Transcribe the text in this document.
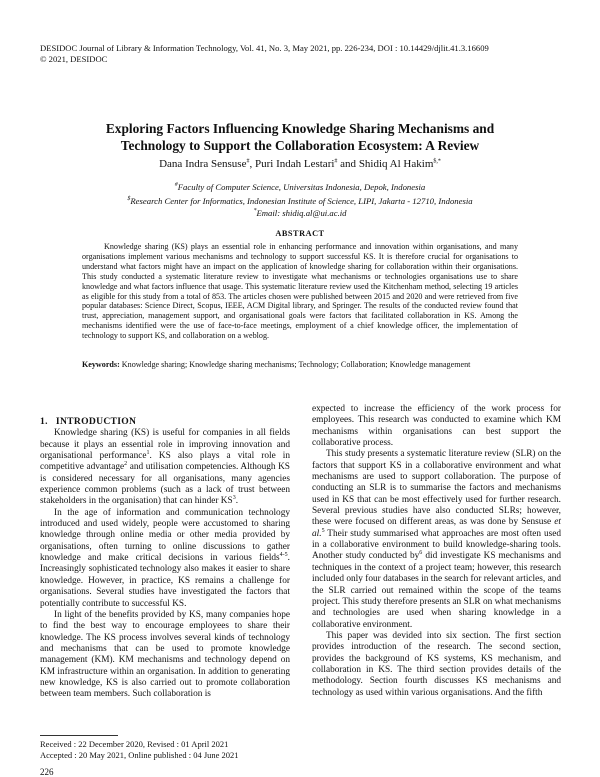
DESIDOC Journal of Library & Information Technology, Vol. 41, No. 3, May 2021, pp. 226-234, DOI : 10.14429/djlit.41.3.16609
© 2021, DESIDOC
Exploring Factors Influencing Knowledge Sharing Mechanisms and
Technology to Support the Collaboration Ecosystem: A Review
Dana Indra Sensuse#, Puri Indah Lestari# and Shidiq Al Hakim$,*
#Faculty of Computer Science, Universitas Indonesia, Depok, Indonesia
$Research Center for Informatics, Indonesian Institute of Science, LIPI, Jakarta - 12710, Indonesia
*Email: shidiq.al@ui.ac.id
ABSTRACT
Knowledge sharing (KS) plays an essential role in enhancing performance and innovation within organisations, and many organisations implement various mechanisms and technology to support successful KS. It is therefore crucial for organisations to understand what factors might have an impact on the application of knowledge sharing for collaboration within their organisations. This study conducted a systematic literature review to investigate what mechanisms or technologies organisations use to share knowledge and what factors influence that usage. This systematic literature review used the Kitchenham method, selecting 19 articles as eligible for this study from a total of 853. The articles chosen were published between 2015 and 2020 and were retrieved from five popular databases: Science Direct, Scopus, IEEE, ACM Digital library, and Springer. The results of the conducted review found that trust, appreciation, management support, and organisational goals were factors that facilitated collaboration in KS. Among the mechanisms identified were the use of face-to-face meetings, employment of a chief knowledge officer, the implementation of technology to support KS, and collaboration on a weblog.
Keywords: Knowledge sharing; Knowledge sharing mechanisms; Technology; Collaboration; Knowledge management
1. INTRODUCTION

Knowledge sharing (KS) is useful for companies in all fields because it plays an essential role in improving innovation and organisational performance$^1$. KS also plays a vital role in competitive advantage$^2$ and utilisation competencies. Although KS is considered necessary for all organisations, many agencies experience common problems (such as a lack of trust between stakeholders in the organisation) that can hinder $KS^3$.

In the age of information and communication technology introduced and used widely, people were accustomed to sharing knowledge through online media or other media provided by organisations, often turning to online discussions to gather knowledge and make critical decisions in various fields$^{4-5}$. Increasingly sophisticated technology also makes it easier to share knowledge. However, in practice, KS remains a challenge for organisations. Several studies have investigated the factors that potentially contribute to successful KS.

In light of the benefits provided by KS, many companies hope to find the best way to encourage employees to share their knowledge. The KS process involves several kinds of technology and mechanisms that can be used to promote knowledge management (KM). KM mechanisms and technology depend on KM infrastructure within an organisation. In addition to generating new knowledge, KS is also carried out to promote collaboration between team members. Such collaboration is

expected to increase the efficiency of the work process for employees. This research was conducted to examine which KM mechanisms within organisations can best support the collaborative process.

This study presents a systematic literature review (SLR) on the factors that support KS in a collaborative environment and what mechanisms are used to support collaboration. The purpose of conducting an SLR is to summarise the factors and mechanisms used in KS that can be most effectively used for further research. Several previous studies have also conducted SLRs; however, these were focused on different areas, as was done by Sensuse et al.$^5$ Their study summarised what approaches are most often used in a collaborative environment to build knowledge-sharing tools. Another study conducted $by^6$ did investigate KS mechanisms and techniques in the context of a project team; however, this research included only four databases in the search for relevant articles, and the SLR carried out remained within the scope of the teams project. This study therefore presents an SLR on what mechanisms and technologies are used when sharing knowledge in a collaborative environment.

This paper was devided into six section. The first section provides introduction of the research. The second section, provides the background of KS systems, KS mechanism, and collaboration in KS. The third section provides details of the methodology. Section fourth discusses KS mechanisms and technology as used within various organisations. And the fifth

Received : 22 December 2020, Revised : 01 April 2021
Accepted : 20 May 2021, Online published : 04 June 2021
226
